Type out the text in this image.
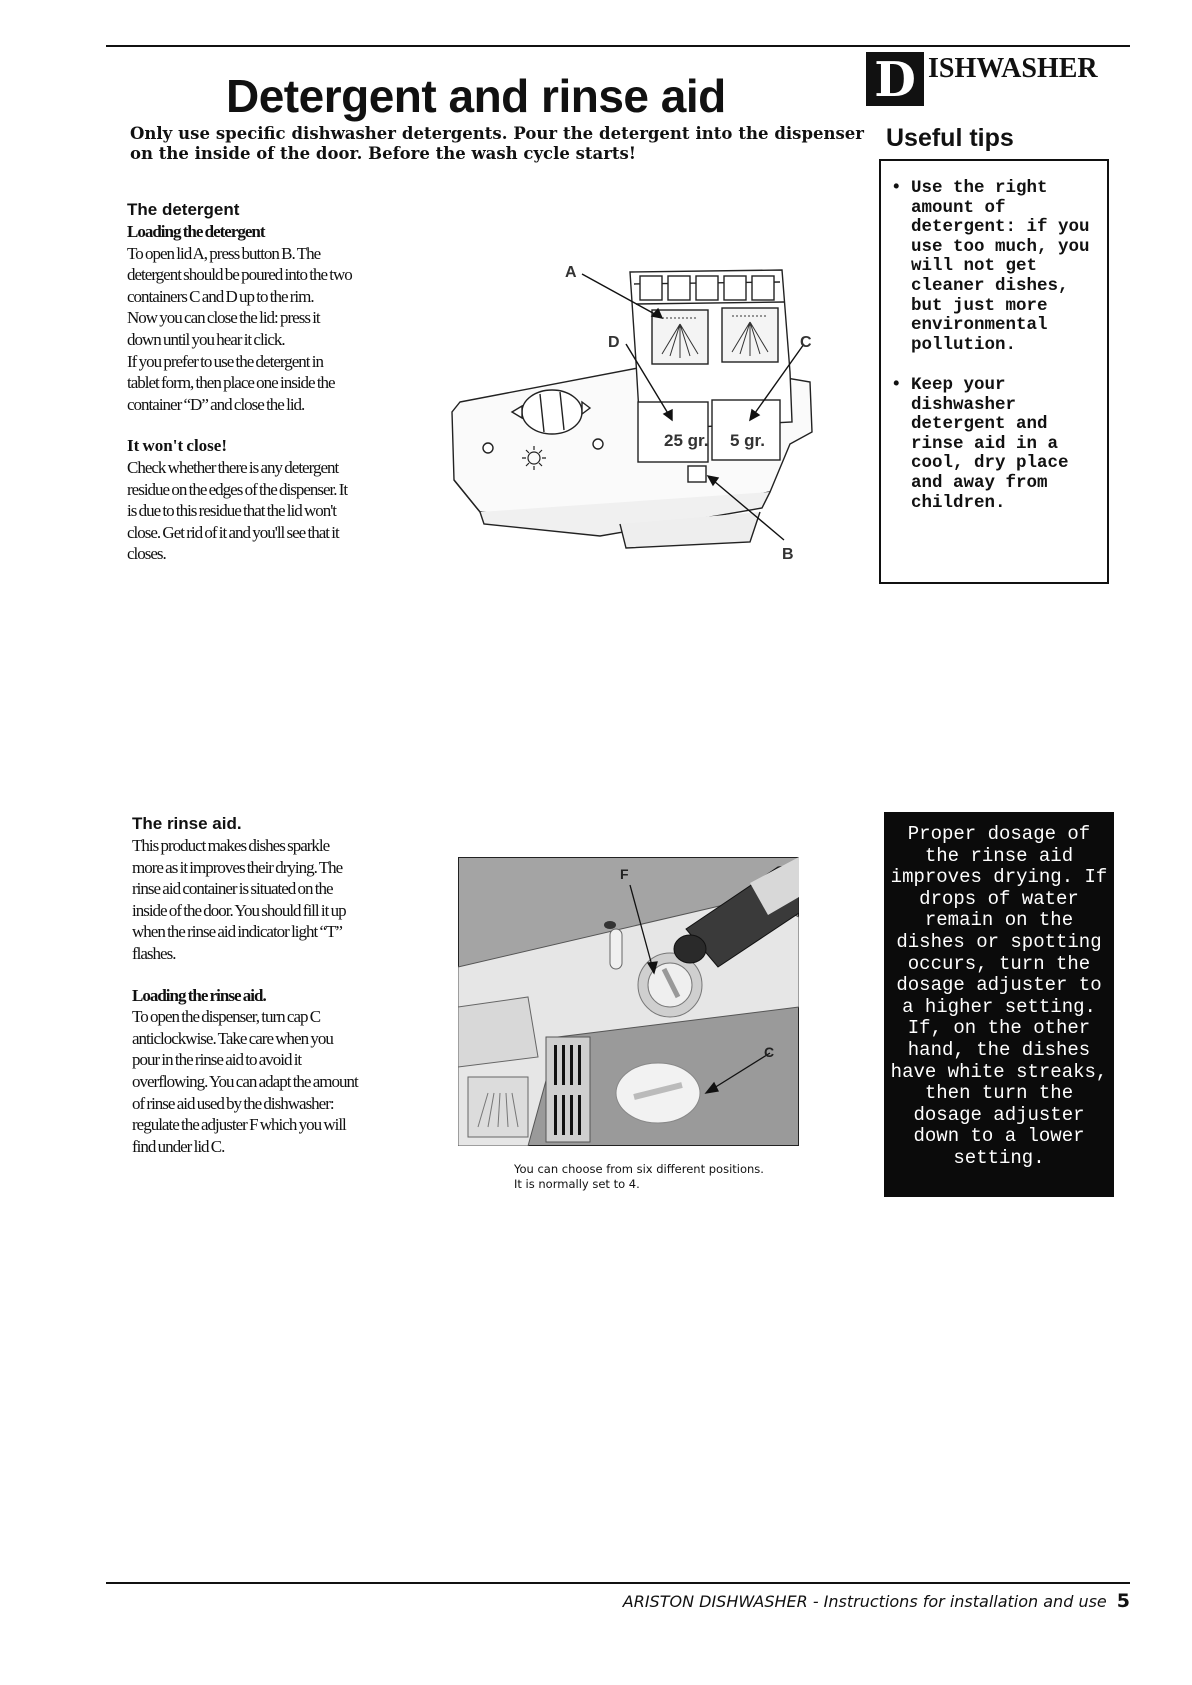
D ISHWASHER
Detergent and rinse aid

Only use specific dishwasher detergents. Pour the detergent into the dispenser on the inside of the door. Before the wash cycle starts!

Useful tips

• Use the right amount of detergent: if you use too much, you will not get cleaner dishes, but just more environmental pollution.

• Keep your dishwasher detergent and rinse aid in a cool, dry place and away from children.

The detergent
Loading the detergent
To open lid A, press button B. The detergent should be poured into the two containers C and D up to the rim.
Now you can close the lid: press it down until you hear it click.
If you prefer to use the detergent in tablet form, then place one inside the container “D” and close the lid.
It won't close!
Check whether there is any detergent residue on the edges of the dispenser. It is due to this residue that the lid won't close. Get rid of it and you'll see that it closes.
A
D	C
B
25 gr. 5 gr.
The rinse aid.
This product makes dishes sparkle more as it improves their drying. The rinse aid container is situated on the inside of the door. You should fill it up when the rinse aid indicator light “T” flashes.
Loading the rinse aid.
To open the dispenser, turn cap C anticlockwise. Take care when you pour in the rinse aid to avoid it overflowing. You can adapt the amount of rinse aid used by the dishwasher: regulate the adjuster F which you will find under lid C.
F
C
You can choose from six different positions.
It is normally set to 4.
Proper dosage of the rinse aid improves drying. If drops of water remain on the dishes or spotting occurs, turn the dosage adjuster to a higher setting. If, on the other hand, the dishes have white streaks, then turn the dosage adjuster down to a lower setting.
ARISTON DISHWASHER - Instructions for installation and use 5
